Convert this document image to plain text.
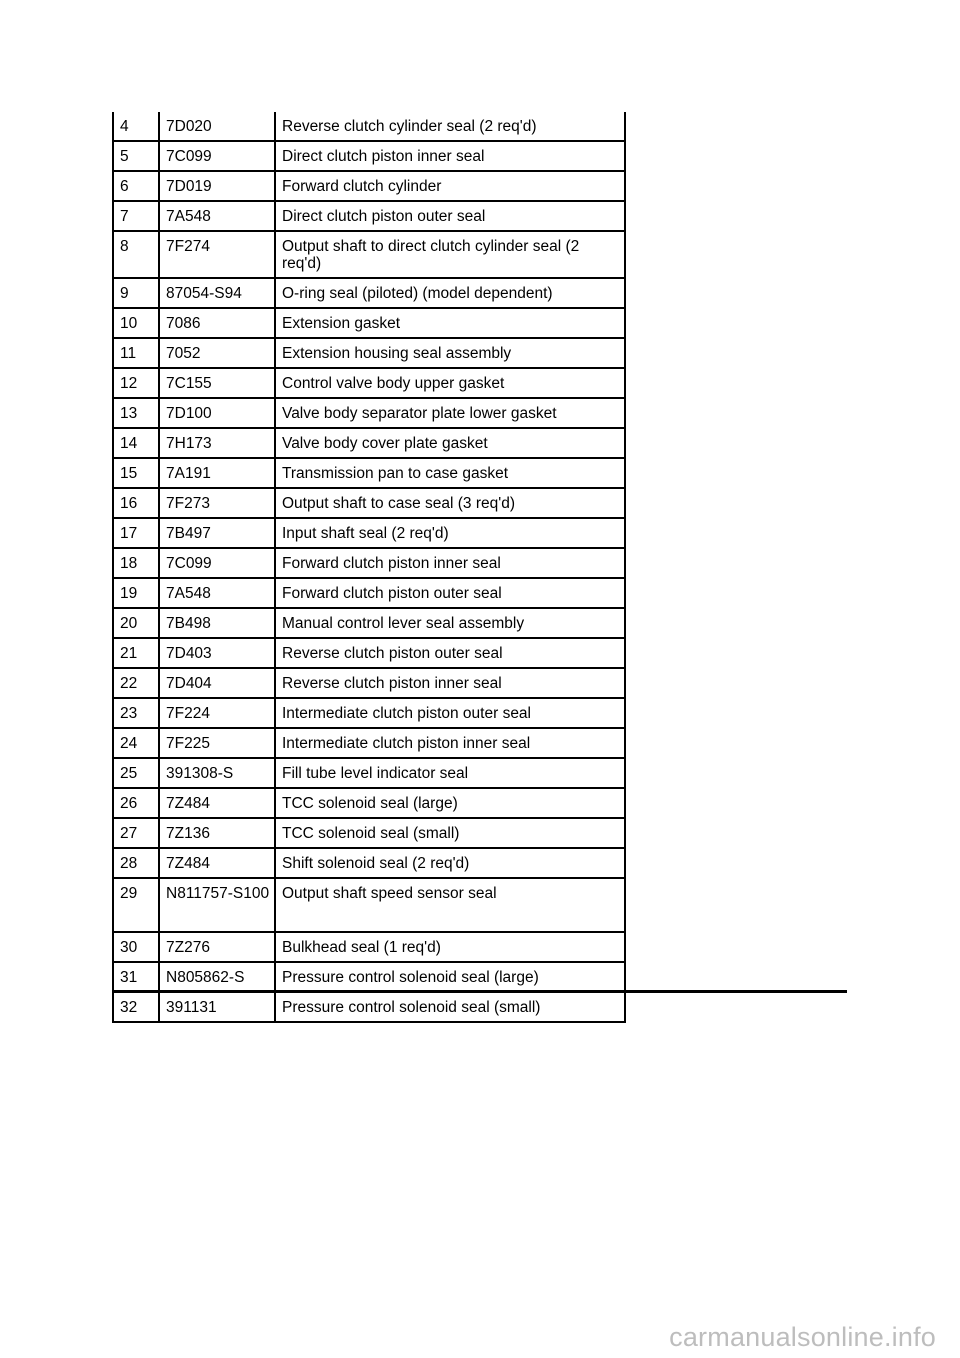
4	7D020	Reverse clutch cylinder seal (2 req'd)
5	7C099	Direct clutch piston inner seal
6	7D019	Forward clutch cylinder
7	7A548	Direct clutch piston outer seal
8	7F274	Output shaft to direct clutch cylinder seal (2 req'd)
9	87054-S94	O-ring seal (piloted) (model dependent)
10	7086	Extension gasket
11	7052	Extension housing seal assembly
12	7C155	Control valve body upper gasket
13	7D100	Valve body separator plate lower gasket
14	7H173	Valve body cover plate gasket
15	7A191	Transmission pan to case gasket
16	7F273	Output shaft to case seal (3 req'd)
17	7B497	Input shaft seal (2 req'd)
18	7C099	Forward clutch piston inner seal
19	7A548	Forward clutch piston outer seal
20	7B498	Manual control lever seal assembly
21	7D403	Reverse clutch piston outer seal
22	7D404	Reverse clutch piston inner seal
23	7F224	Intermediate clutch piston outer seal
24	7F225	Intermediate clutch piston inner seal
25	391308-S	Fill tube level indicator seal
26	7Z484	TCC solenoid seal (large)
27	7Z136	TCC solenoid seal (small)
28	7Z484	Shift solenoid seal (2 req'd)
29	N811757-S100	Output shaft speed sensor seal
30	7Z276	Bulkhead seal (1 req'd)
31	N805862-S	Pressure control solenoid seal (large)
32	391131	Pressure control solenoid seal (small)
carmanualsonline.info
